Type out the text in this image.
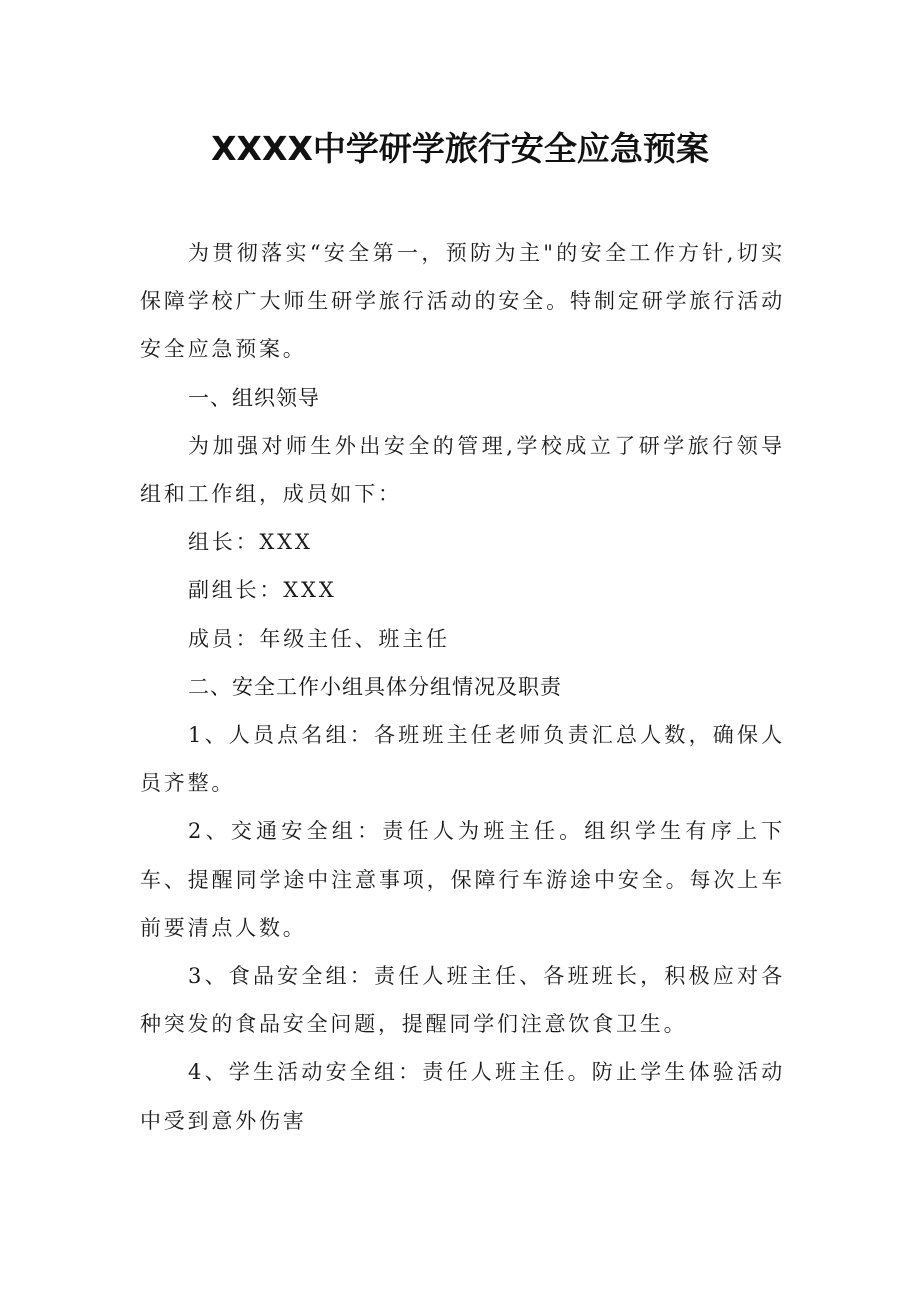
XXXX中学研学旅行安全应急预案

为贯彻落实“安全第一，预防为主"的安全工作方针,切实保障学校广大师生研学旅行活动的安全。特制定研学旅行活动安全应急预案。

一、组织领导

为加强对师生外出安全的管理,学校成立了研学旅行领导组和工作组，成员如下：

组长：XXX

副组长：XXX

成员：年级主任、班主任

二、安全工作小组具体分组情况及职责

1、人员点名组：各班班主任老师负责汇总人数，确保人员齐整。

2、交通安全组：责任人为班主任。组织学生有序上下车、提醒同学途中注意事项，保障行车游途中安全。每次上车前要清点人数。

3、食品安全组：责任人班主任、各班班长，积极应对各种突发的食品安全问题，提醒同学们注意饮食卫生。

4、学生活动安全组：责任人班主任。防止学生体验活动中受到意外伤害
